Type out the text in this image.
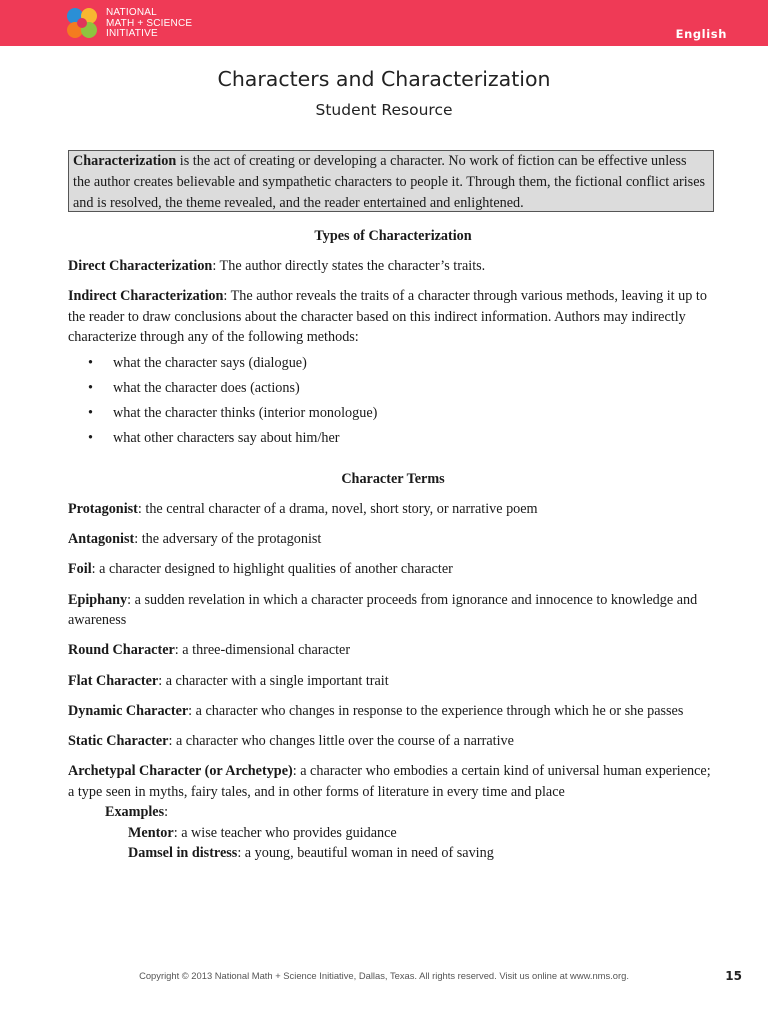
NATIONAL
MATH + SCIENCE
INITIATIVE	English
Characters and Characterization
Student Resource
Characterization is the act of creating or developing a character. No work of fiction can be effective unless the author creates believable and sympathetic characters to people it. Through them, the fictional conflict arises and is resolved, the theme revealed, and the reader entertained and enlightened.

Types of Characterization

Direct Characterization: The author directly states the character’s traits.

Indirect Characterization: The author reveals the traits of a character through various methods, leaving it up to the reader to draw conclusions about the character based on this indirect information. Authors may indirectly characterize through any of the following methods:

• what the character says (dialogue)
• what the character does (actions)
• what the character thinks (interior monologue)
• what other characters say about him/her

Character Terms

Protagonist: the central character of a drama, novel, short story, or narrative poem

Antagonist: the adversary of the protagonist

Foil: a character designed to highlight qualities of another character

Epiphany: a sudden revelation in which a character proceeds from ignorance and innocence to knowledge and awareness

Round Character: a three-dimensional character

Flat Character: a character with a single important trait

Dynamic Character: a character who changes in response to the experience through which he or she passes

Static Character: a character who changes little over the course of a narrative

Archetypal Character (or Archetype): a character who embodies a certain kind of universal human experience; a type seen in myths, fairy tales, and in other forms of literature in every time and place

Examples:

Mentor: a wise teacher who provides guidance

Damsel in distress: a young, beautiful woman in need of saving

Copyright © 2013 National Math + Science Initiative, Dallas, Texas. All rights reserved. Visit us online at www.nms.org.	15
